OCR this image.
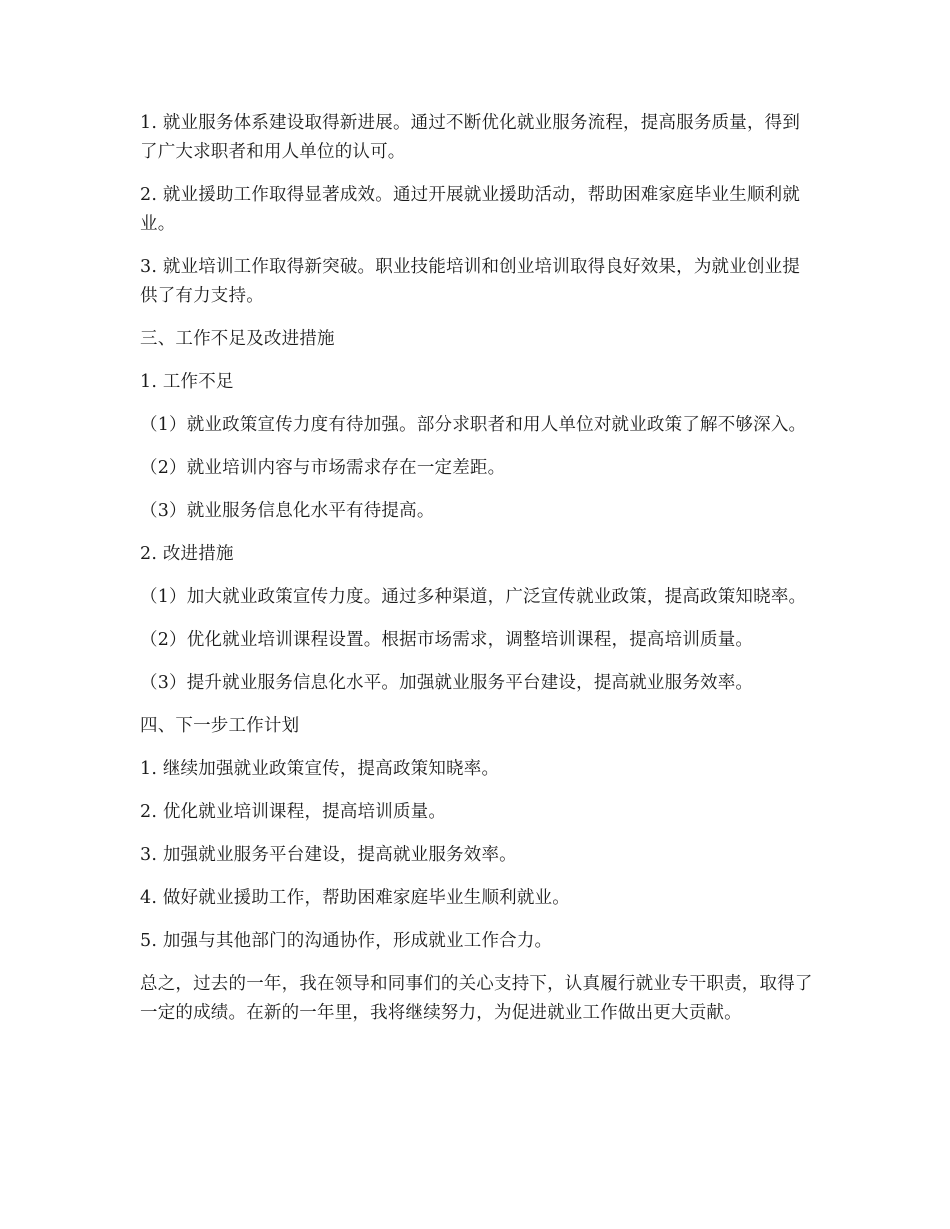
1. 就业服务体系建设取得新进展。通过不断优化就业服务流程，提高服务质量，得到了广大求职者和用人单位的认可。

2. 就业援助工作取得显著成效。通过开展就业援助活动，帮助困难家庭毕业生顺利就业。

3. 就业培训工作取得新突破。职业技能培训和创业培训取得良好效果，为就业创业提供了有力支持。

三、工作不足及改进措施

1. 工作不足

（1）就业政策宣传力度有待加强。部分求职者和用人单位对就业政策了解不够深入。

（2）就业培训内容与市场需求存在一定差距。

（3）就业服务信息化水平有待提高。

2. 改进措施

（1）加大就业政策宣传力度。通过多种渠道，广泛宣传就业政策，提高政策知晓率。

（2）优化就业培训课程设置。根据市场需求，调整培训课程，提高培训质量。

（3）提升就业服务信息化水平。加强就业服务平台建设，提高就业服务效率。

四、下一步工作计划

1. 继续加强就业政策宣传，提高政策知晓率。

2. 优化就业培训课程，提高培训质量。

3. 加强就业服务平台建设，提高就业服务效率。

4. 做好就业援助工作，帮助困难家庭毕业生顺利就业。

5. 加强与其他部门的沟通协作，形成就业工作合力。

总之，过去的一年，我在领导和同事们的关心支持下，认真履行就业专干职责，取得了一定的成绩。在新的一年里，我将继续努力，为促进就业工作做出更大贡献。
